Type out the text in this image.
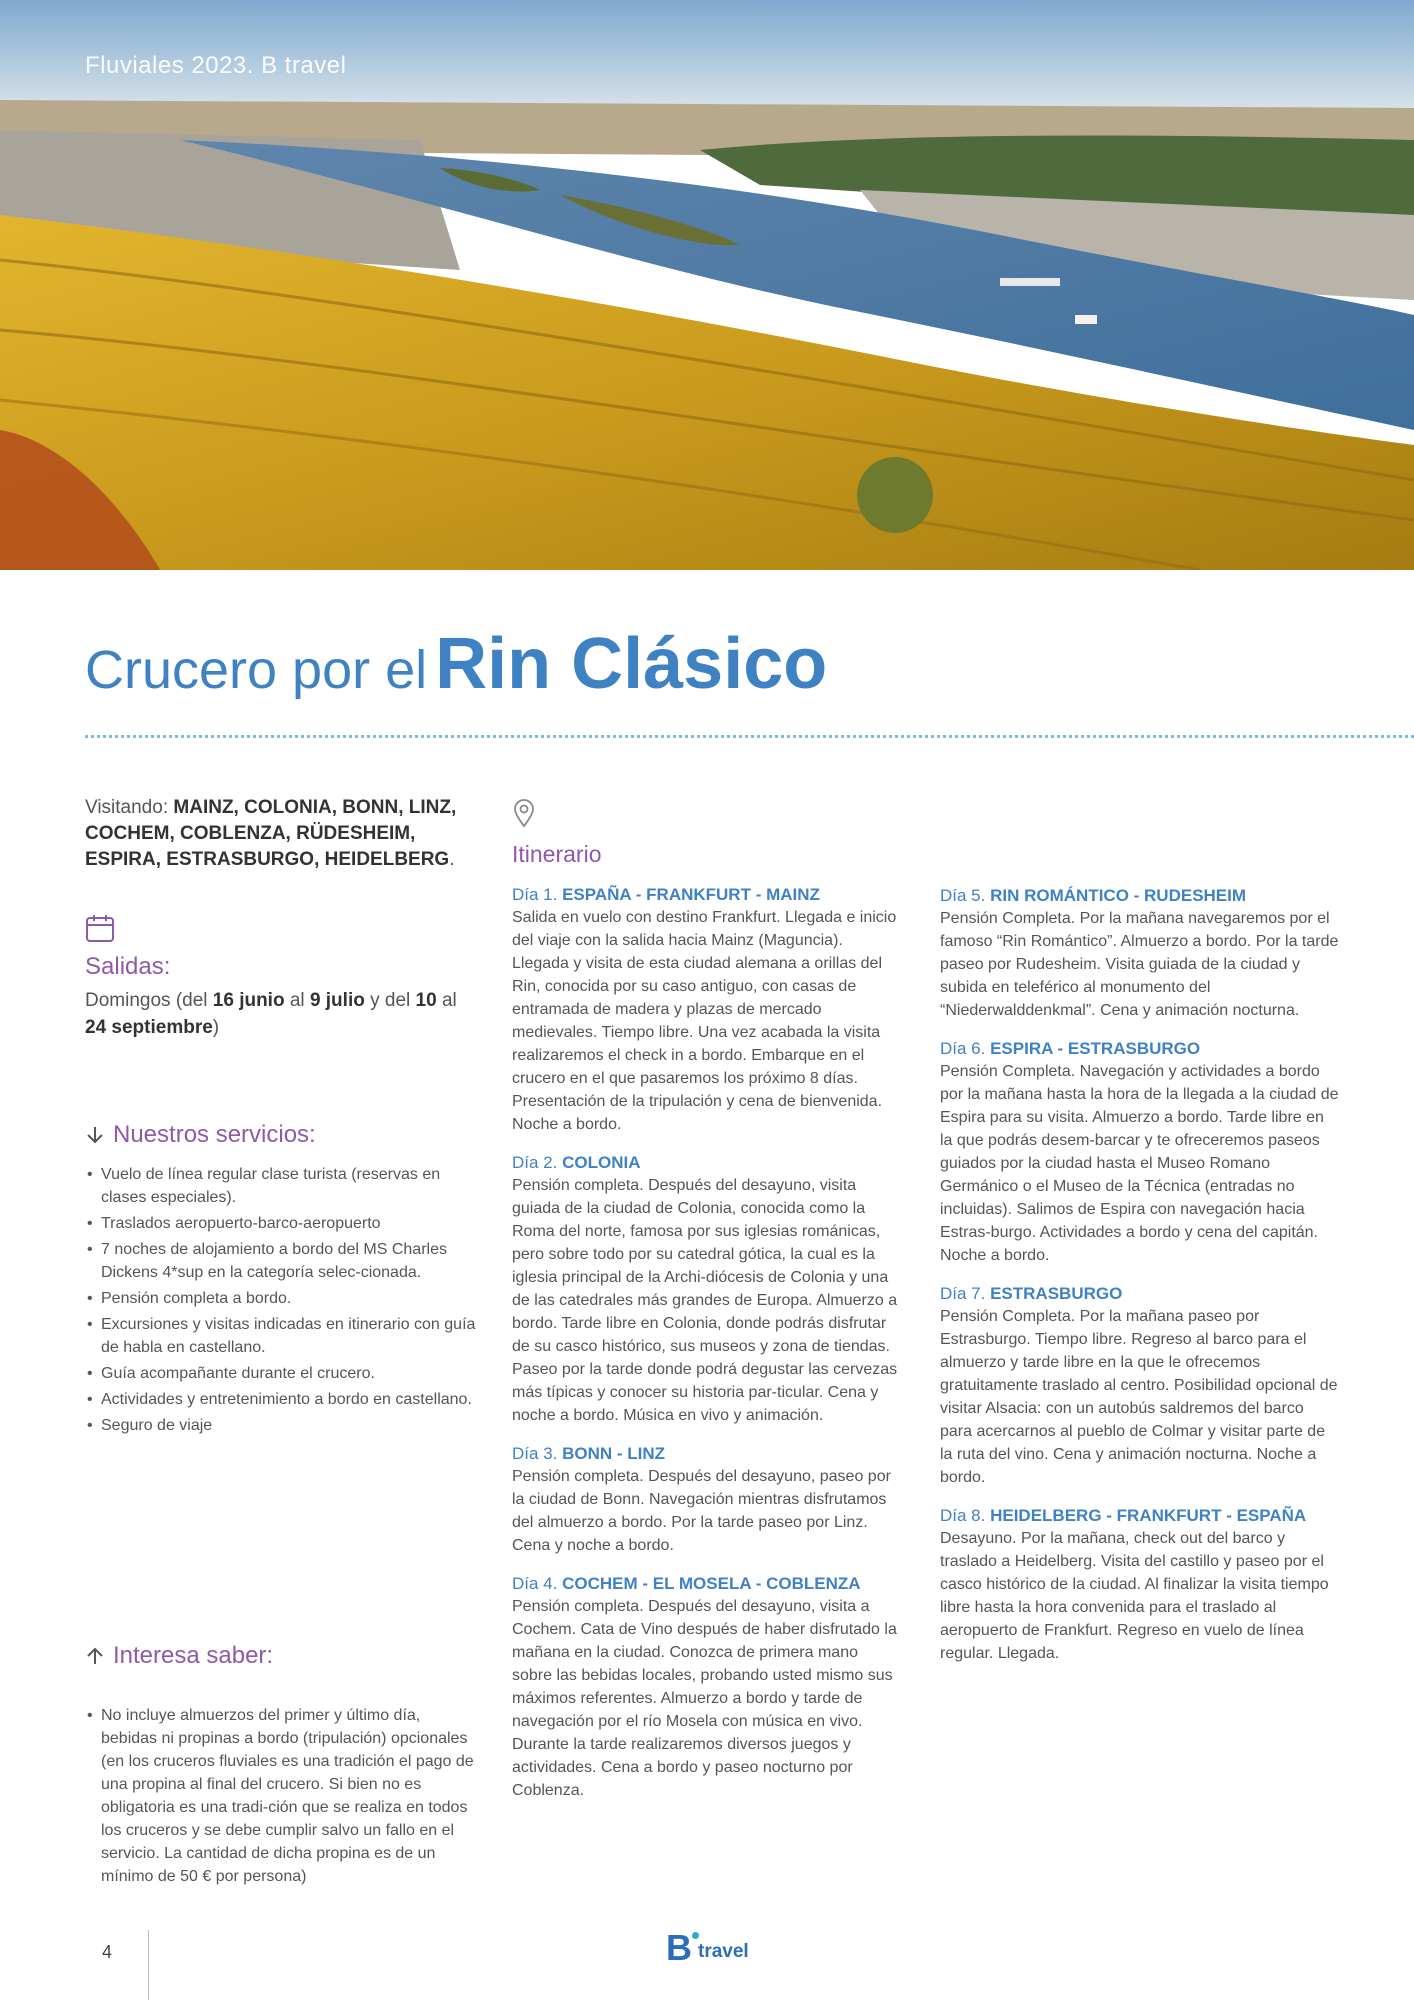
Fluviales 2023. B travel
Crucero por el Rin Clásico
Visitando: MAINZ, COLONIA, BONN, LINZ, COCHEM, COBLENZA, RÜDESHEIM, ESPIRA, ESTRASBURGO, HEIDELBERG.
Salidas:
Domingos (del 16 junio al 9 julio y del 10 al 24 septiembre)
Nuestros servicios:
• Vuelo de línea regular clase turista (reservas en clases especiales).
• Traslados aeropuerto-barco-aeropuerto
• 7 noches de alojamiento a bordo del MS Charles Dickens 4*sup en la categoría selec-cionada.
• Pensión completa a bordo.
• Excursiones y visitas indicadas en itinerario con guía de habla en castellano.
• Guía acompañante durante el crucero.
• Actividades y entretenimiento a bordo en castellano.
• Seguro de viaje
Interesa saber:
• No incluye almuerzos del primer y último día, bebidas ni propinas a bordo (tripulación) opcionales (en los cruceros fluviales es una tradición el pago de una propina al final del crucero. Si bien no es obligatoria es una tradi-ción que se realiza en todos los cruceros y se debe cumplir salvo un fallo en el servicio. La cantidad de dicha propina es de un mínimo de 50 € por persona)
Itinerario
Día 1. ESPAÑA - FRANKFURT - MAINZ
Salida en vuelo con destino Frankfurt. Llegada e inicio del viaje con la salida hacia Mainz (Maguncia). Llegada y visita de esta ciudad alemana a orillas del Rin, conocida por su caso antiguo, con casas de entramada de madera y plazas de mercado medievales. Tiempo libre. Una vez acabada la visita realizaremos el check in a bordo. Embarque en el crucero en el que pasaremos los próximo 8 días. Presentación de la tripulación y cena de bienvenida. Noche a bordo.
Día 2. COLONIA
Pensión completa. Después del desayuno, visita guiada de la ciudad de Colonia, conocida como la Roma del norte, famosa por sus iglesias románicas, pero sobre todo por su catedral gótica, la cual es la iglesia principal de la Archi-diócesis de Colonia y una de las catedrales más grandes de Europa. Almuerzo a bordo. Tarde libre en Colonia, donde podrás disfrutar de su casco histórico, sus museos y zona de tiendas. Paseo por la tarde donde podrá degustar las cervezas más típicas y conocer su historia par-ticular. Cena y noche a bordo. Música en vivo y animación.
Día 3. BONN - LINZ
Pensión completa. Después del desayuno, paseo por la ciudad de Bonn. Navegación mientras disfrutamos del almuerzo a bordo. Por la tarde paseo por Linz. Cena y noche a bordo.
Día 4. COCHEM - EL MOSELA - COBLENZA
Pensión completa. Después del desayuno, visita a Cochem. Cata de Vino después de haber disfrutado la mañana en la ciudad. Conozca de primera mano sobre las bebidas locales, probando usted mismo sus máximos referentes. Almuerzo a bordo y tarde de navegación por el río Mosela con música en vivo. Durante la tarde realizaremos diversos juegos y actividades. Cena a bordo y paseo nocturno por Coblenza.
Día 5. RIN ROMÁNTICO - RUDESHEIM
Pensión Completa. Por la mañana navegaremos por el famoso “Rin Romántico”. Almuerzo a bordo. Por la tarde paseo por Rudesheim. Visita guiada de la ciudad y subida en teleférico al monumento del “Niederwalddenkmal”. Cena y animación nocturna.
Día 6. ESPIRA - ESTRASBURGO
Pensión Completa. Navegación y actividades a bordo por la mañana hasta la hora de la llegada a la ciudad de Espira para su visita. Almuerzo a bordo. Tarde libre en la que podrás desem-barcar y te ofreceremos paseos guiados por la ciudad hasta el Museo Romano Germánico o el Museo de la Técnica (entradas no incluidas). Salimos de Espira con navegación hacia Estras-burgo. Actividades a bordo y cena del capitán. Noche a bordo.
Día 7. ESTRASBURGO
Pensión Completa. Por la mañana paseo por Estrasburgo. Tiempo libre. Regreso al barco para el almuerzo y tarde libre en la que le ofrecemos gratuitamente traslado al centro. Posibilidad opcional de visitar Alsacia: con un autobús saldremos del barco para acercarnos al pueblo de Colmar y visitar parte de la ruta del vino. Cena y animación nocturna. Noche a bordo.
Día 8. HEIDELBERG - FRANKFURT - ESPAÑA
Desayuno. Por la mañana, check out del barco y traslado a Heidelberg. Visita del castillo y paseo por el casco histórico de la ciudad. Al finalizar la visita tiempo libre hasta la hora convenida para el traslado al aeropuerto de Frankfurt. Regreso en vuelo de línea regular. Llegada.
4	B travel
